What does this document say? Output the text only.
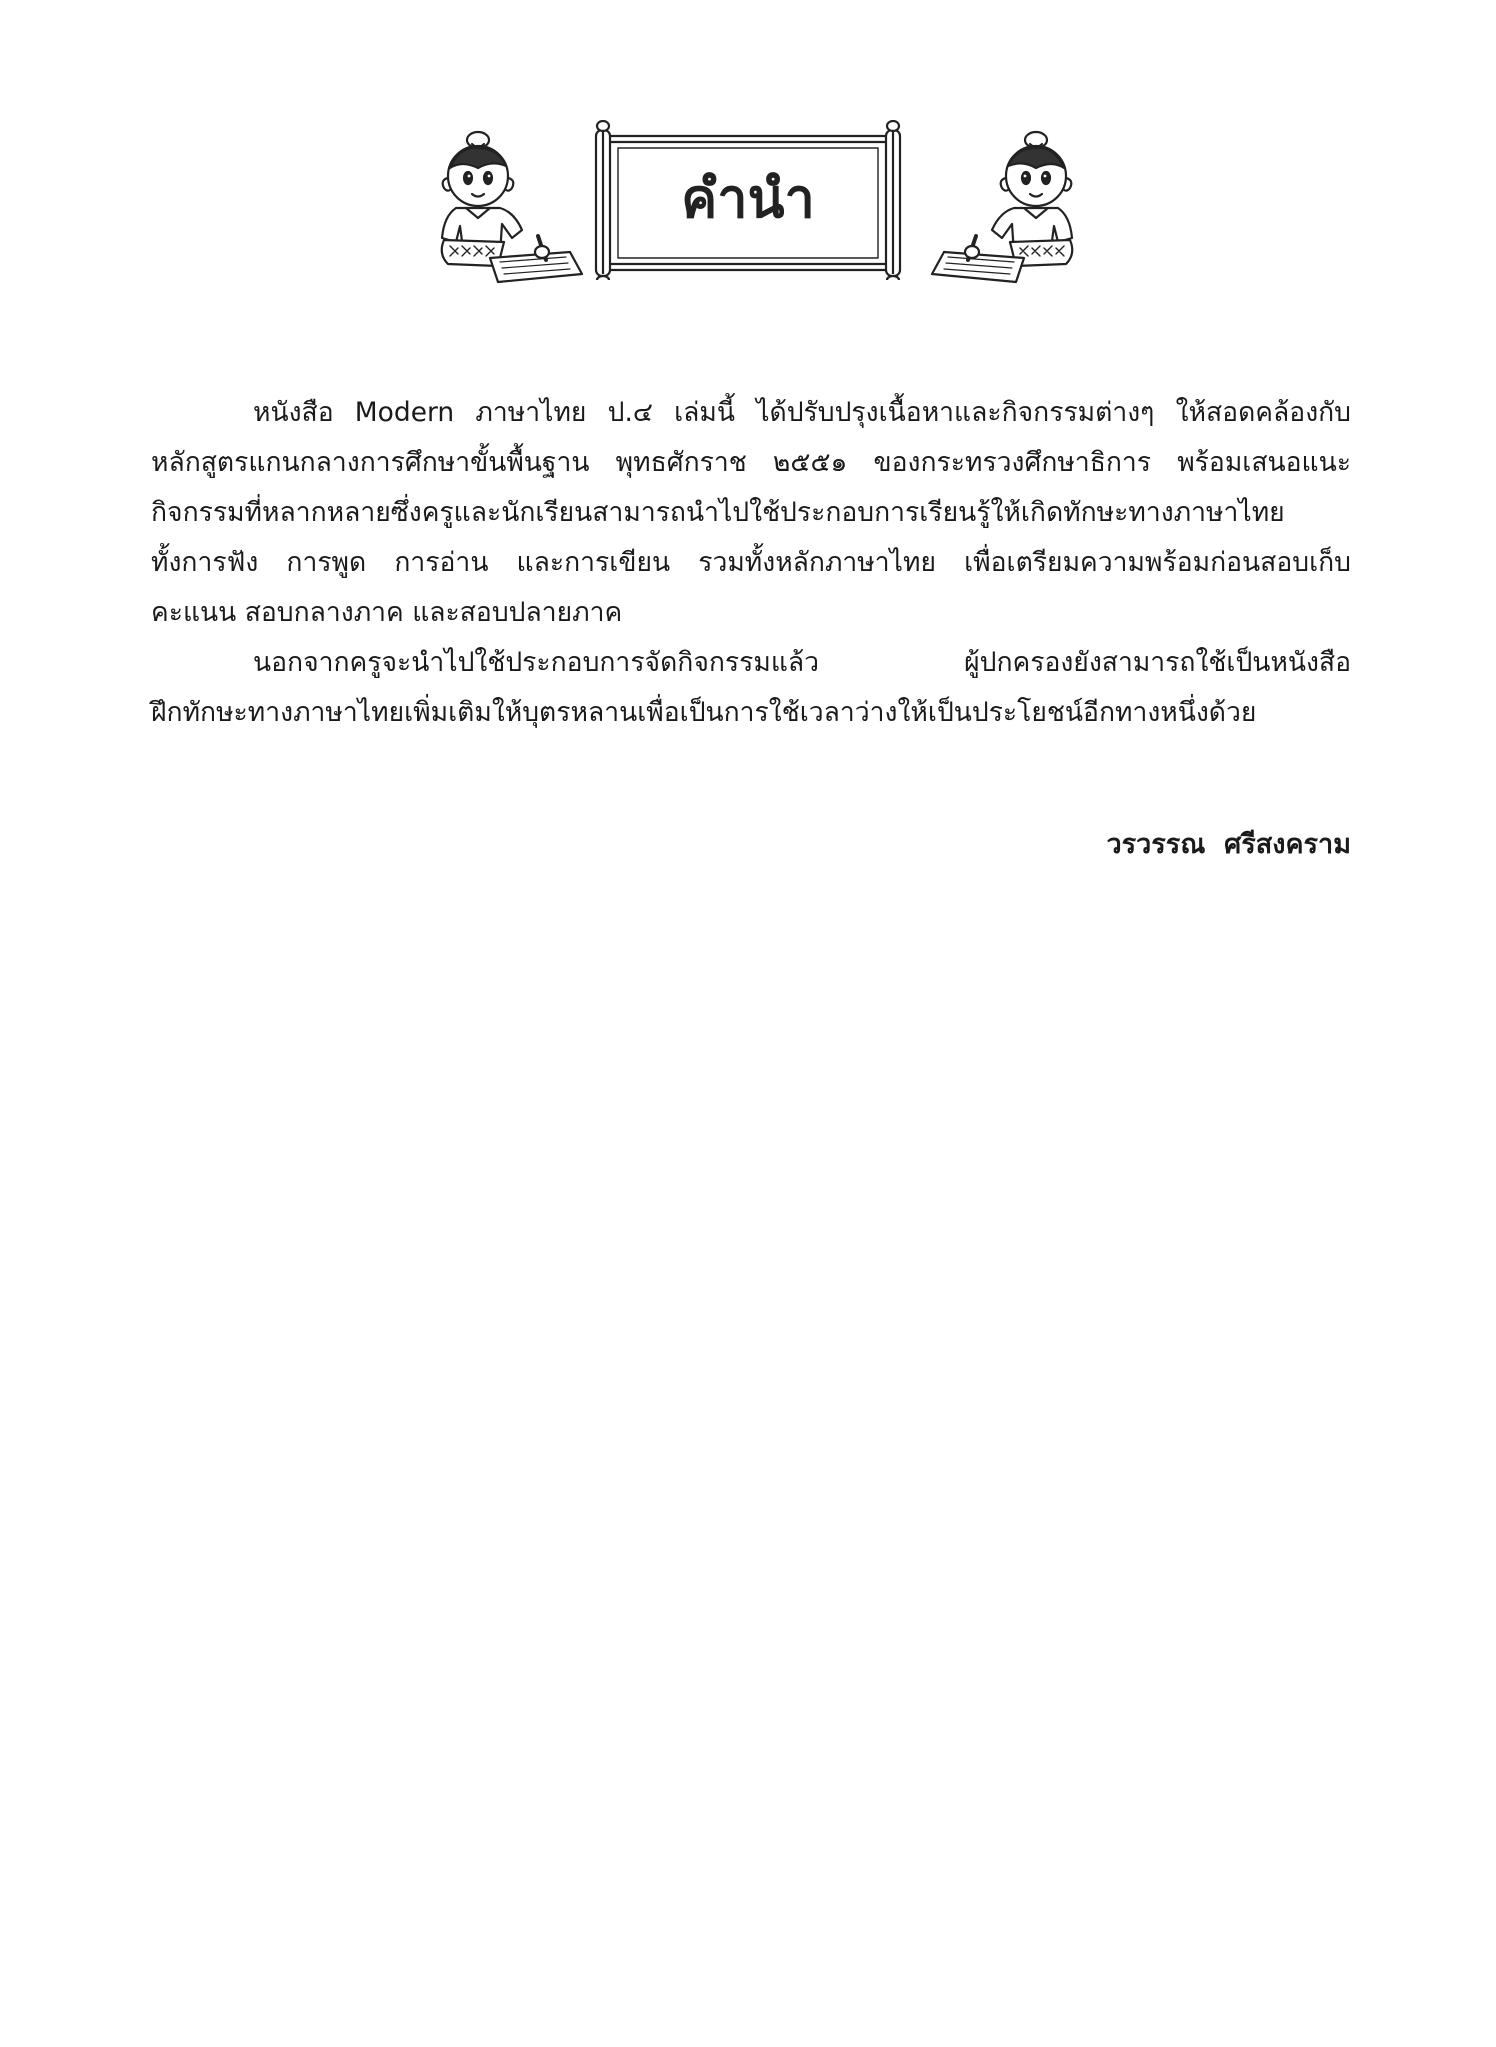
คำนำ
หนังสือ Modern ภาษาไทย ป.๔ เล่มนี้ ได้ปรับปรุงเนื้อหาและกิจกรรมต่างๆ ให้สอดคล้องกับ
หลักสูตรแกนกลางการศึกษาขั้นพื้นฐาน พุทธศักราช ๒๕๕๑ ของกระทรวงศึกษาธิการ พร้อมเสนอแนะ
กิจกรรมที่หลากหลายซึ่งครูและนักเรียนสามารถนำไปใช้ประกอบการเรียนรู้ให้เกิดทักษะทางภาษาไทย
ทั้งการฟัง การพูด การอ่าน และการเขียน รวมทั้งหลักภาษาไทย เพื่อเตรียมความพร้อมก่อนสอบเก็บ
คะแนน สอบกลางภาค และสอบปลายภาค
นอกจากครูจะนำไปใช้ประกอบการจัดกิจกรรมแล้ว ผู้ปกครองยังสามารถใช้เป็นหนังสือ
ฝึกทักษะทางภาษาไทยเพิ่มเติมให้บุตรหลานเพื่อเป็นการใช้เวลาว่างให้เป็นประโยชน์อีกทางหนึ่งด้วย
วรวรรณ  ศรีสงคราม
